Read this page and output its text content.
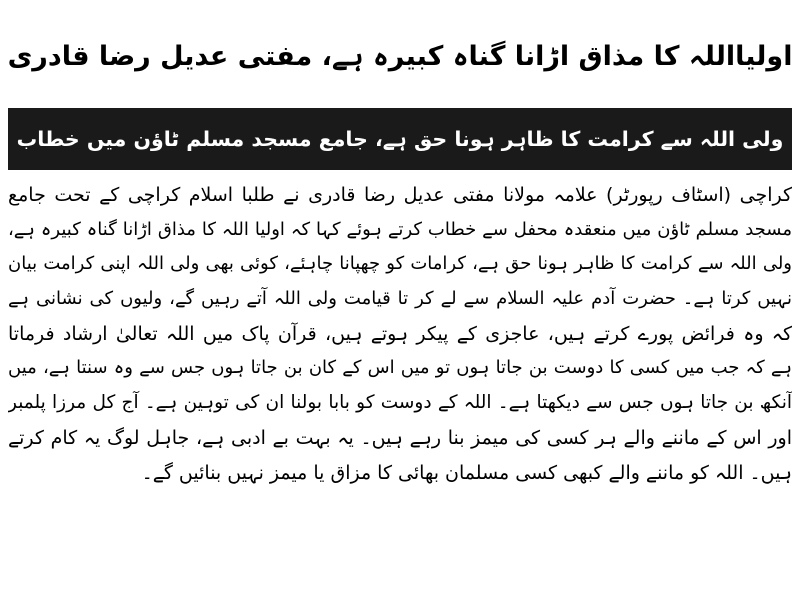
اولیااللہ کا مذاق اڑانا گناہ کبیرہ ہے، مفتی عدیل رضا قادری
ولی اللہ سے کرامت کا ظاہر ہونا حق ہے، جامع مسجد مسلم ٹاؤن میں خطاب
کراچی (اسٹاف رپورٹر) علامہ مولانا مفتی عدیل رضا قادری نے طلبا اسلام کراچی کے تحت جامع
مسجد مسلم ٹاؤن میں منعقدہ محفل سے خطاب کرتے ہوئے کہا کہ اولیا اللہ کا مذاق اڑانا گناہ کبیرہ ہے،
ولی اللہ سے کرامت کا ظاہر ہونا حق ہے، کرامات کو چھپانا چاہئے، کوئی بھی ولی اللہ اپنی کرامت بیان
نہیں کرتا ہے۔ حضرت آدم علیہ السلام سے لے کر تا قیامت ولی اللہ آتے رہیں گے، ولیوں کی نشانی ہے
کہ وہ فرائض پورے کرتے ہیں، عاجزی کے پیکر ہوتے ہیں، قرآن پاک میں اللہ تعالیٰ ارشاد فرماتا
ہے کہ جب میں کسی کا دوست بن جاتا ہوں تو میں اس کے کان بن جاتا ہوں جس سے وہ سنتا ہے، میں
آنکھ بن جاتا ہوں جس سے دیکھتا ہے۔ اللہ کے دوست کو بابا بولنا ان کی توہین ہے۔ آج کل مرزا پلمبر
اور اس کے ماننے والے ہر کسی کی میمز بنا رہے ہیں۔ یہ بہت بے ادبی ہے، جاہل لوگ یہ کام کرتے
ہیں۔ اللہ کو ماننے والے کبھی کسی مسلمان بھائی کا مزاق یا میمز نہیں بنائیں گے۔
